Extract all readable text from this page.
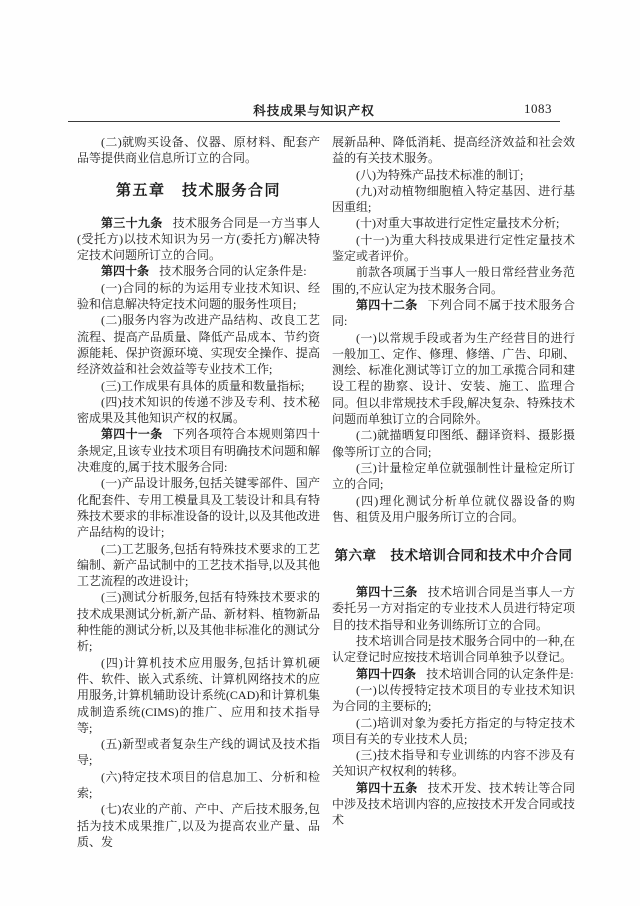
科技成果与知识产权	1083

(二)就购买设备、仪器、原材料、配套产品等提供商业信息所订立的合同。

第五章　技术服务合同

第三十九条 技术服务合同是一方当事人(受托方)以技术知识为另一方(委托方)解决特定技术问题所订立的合同。

第四十条 技术服务合同的认定条件是:

(一)合同的标的为运用专业技术知识、经验和信息解决特定技术问题的服务性项目;

(二)服务内容为改进产品结构、改良工艺流程、提高产品质量、降低产品成本、节约资源能耗、保护资源环境、实现安全操作、提高经济效益和社会效益等专业技术工作;

(三)工作成果有具体的质量和数量指标;

(四)技术知识的传递不涉及专利、技术秘密成果及其他知识产权的权属。

第四十一条 下列各项符合本规则第四十条规定,且该专业技术项目有明确技术问题和解决难度的,属于技术服务合同:

(一)产品设计服务,包括关键零部件、国产化配套件、专用工模量具及工装设计和具有特殊技术要求的非标准设备的设计,以及其他改进产品结构的设计;

(二)工艺服务,包括有特殊技术要求的工艺编制、新产品试制中的工艺技术指导,以及其他工艺流程的改进设计;

(三)测试分析服务,包括有特殊技术要求的技术成果测试分析,新产品、新材料、植物新品种性能的测试分析,以及其他非标准化的测试分析;

(四)计算机技术应用服务,包括计算机硬件、软件、嵌入式系统、计算机网络技术的应用服务,计算机辅助设计系统(CAD)和计算机集成制造系统(CIMS)的推广、应用和技术指导等;

(五)新型或者复杂生产线的调试及技术指导;

(六)特定技术项目的信息加工、分析和检索;

(七)农业的产前、产中、产后技术服务,包括为技术成果推广,以及为提高农业产量、品质、发

展新品种、降低消耗、提高经济效益和社会效益的有关技术服务。

(八)为特殊产品技术标准的制订;

(九)对动植物细胞植入特定基因、进行基因重组;

(十)对重大事故进行定性定量技术分析;

(十一)为重大科技成果进行定性定量技术鉴定或者评价。

前款各项属于当事人一般日常经营业务范围的,不应认定为技术服务合同。

第四十二条 下列合同不属于技术服务合同:

(一)以常规手段或者为生产经营目的进行一般加工、定作、修理、修缮、广告、印刷、测绘、标准化测试等订立的加工承揽合同和建设工程的勘察、设计、安装、施工、监理合同。但以非常规技术手段,解决复杂、特殊技术问题而单独订立的合同除外。

(二)就描晒复印图纸、翻译资料、摄影摄像等所订立的合同;

(三)计量检定单位就强制性计量检定所订立的合同;

(四)理化测试分析单位就仪器设备的购售、租赁及用户服务所订立的合同。

第六章　技术培训合同和技术中介合同

第四十三条 技术培训合同是当事人一方委托另一方对指定的专业技术人员进行特定项目的技术指导和业务训练所订立的合同。

技术培训合同是技术服务合同中的一种,在认定登记时应按技术培训合同单独予以登记。

第四十四条 技术培训合同的认定条件是:

(一)以传授特定技术项目的专业技术知识为合同的主要标的;

(二)培训对象为委托方指定的与特定技术项目有关的专业技术人员;

(三)技术指导和专业训练的内容不涉及有关知识产权权利的转移。

第四十五条 技术开发、技术转让等合同中涉及技术培训内容的,应按技术开发合同或技术
